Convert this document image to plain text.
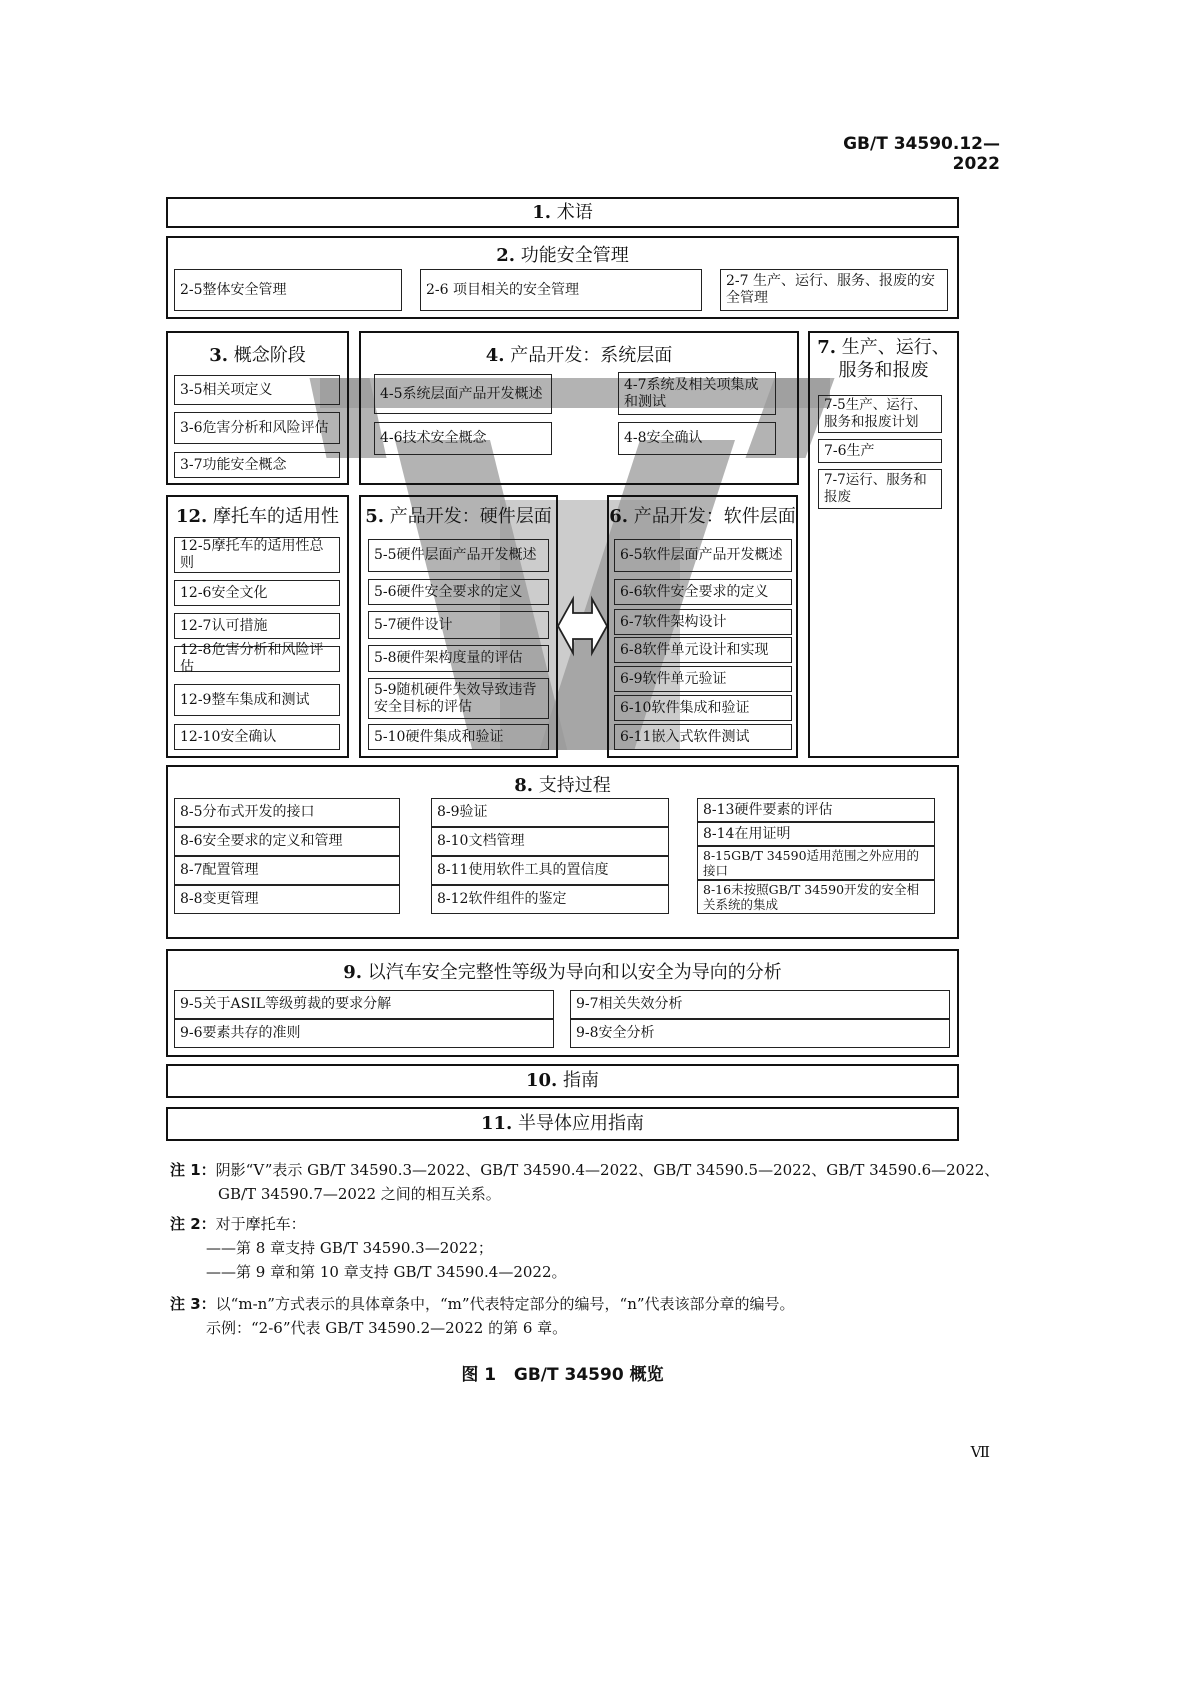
GB/T 34590.12—2022
1. 术语
2. 功能安全管理
2-5整体安全管理	2-6 项目相关的安全管理
2-7 生产、运行、服务、报废的安全管理
3. 概念阶段
3-5相关项定义
3-6危害分析和风险评估
3-7功能安全概念
4. 产品开发：系统层面
4-5系统层面产品开发概述
4-6技术安全概念
4-7系统及相关项集成和测试
4-8安全确认
7. 生产、运行、
服务和报废
7-5生产、运行、服务和报废计划
7-6生产
7-7运行、服务和报废
12. 摩托车的适用性
12-5摩托车的适用性总则
12-6安全文化
12-7认可措施
12-8危害分析和风险评估
12-9整车集成和测试
12-10安全确认
5. 产品开发：硬件层面
5-5硬件层面产品开发概述
5-6硬件安全要求的定义
5-7硬件设计
5-8硬件架构度量的评估
5-9随机硬件失效导致违背安全目标的评估
5-10硬件集成和验证
6. 产品开发：软件层面
6-5软件层面产品开发概述
6-6软件安全要求的定义
6-7软件架构设计
6-8软件单元设计和实现
6-9软件单元验证
6-10软件集成和验证
6-11嵌入式软件测试
8. 支持过程
8-5分布式开发的接口
8-6安全要求的定义和管理
8-7配置管理
8-8变更管理
8-9验证
8-10文档管理
8-11使用软件工具的置信度
8-12软件组件的鉴定
8-13硬件要素的评估
8-14在用证明
8-15GB/T 34590适用范围之外应用的接口
8-16未按照GB/T 34590开发的安全相关系统的集成
9. 以汽车安全完整性等级为导向和以安全为导向的分析
9-5关于ASIL等级剪裁的要求分解
9-6要素共存的准则
9-7相关失效分析
9-8安全分析
10. 指南
11. 半导体应用指南
注 1：阴影“V”表示 GB/T 34590.3—2022、GB/T 34590.4—2022、GB/T 34590.5—2022、GB/T 34590.6—2022、
GB/T 34590.7—2022 之间的相互关系。
注 2：对于摩托车：
——第 8 章支持 GB/T 34590.3—2022；
——第 9 章和第 10 章支持 GB/T 34590.4—2022。
注 3：以“m-n”方式表示的具体章条中，“m”代表特定部分的编号，“n”代表该部分章的编号。
示例：“2-6”代表 GB/T 34590.2—2022 的第 6 章。
图 1   GB/T 34590 概览
Ⅶ
